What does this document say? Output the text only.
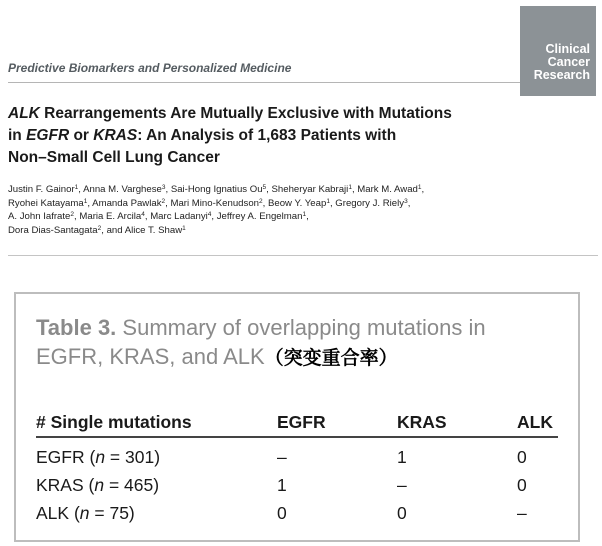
Clinical
Cancer
Research
Predictive Biomarkers and Personalized Medicine
ALK Rearrangements Are Mutually Exclusive with Mutations
in EGFR or KRAS: An Analysis of 1,683 Patients with
Non–Small Cell Lung Cancer
Justin F. Gainor$^1$, Anna M. Varghese$^3$, Sai-Hong Ignatius Ou$^5$, Sheheryar Kabraji$^1$, Mark M. Awad$^1$,
Ryohei Katayama$^1$, Amanda Pawlak$^2$, Mari Mino-Kenudson$^2$, Beow Y. Yeap$^1$, Gregory J. Riely$^3$,
A. John Iafrate$^2$, Maria E. Arcila$^4$, Marc Ladanyi$^4$, Jeffrey A. Engelman$^1$,
Dora Dias-Santagata$^2$, and Alice T. Shaw$^1$
Table 3. Summary of overlapping mutations in
EGFR, KRAS, and ALK（突变重合率）
# Single mutations	EGFR	KRAS	ALK
EGFR (n = 301)	–	1	0
KRAS (n = 465)	1	–	0
ALK (n = 75)	0	0	–
